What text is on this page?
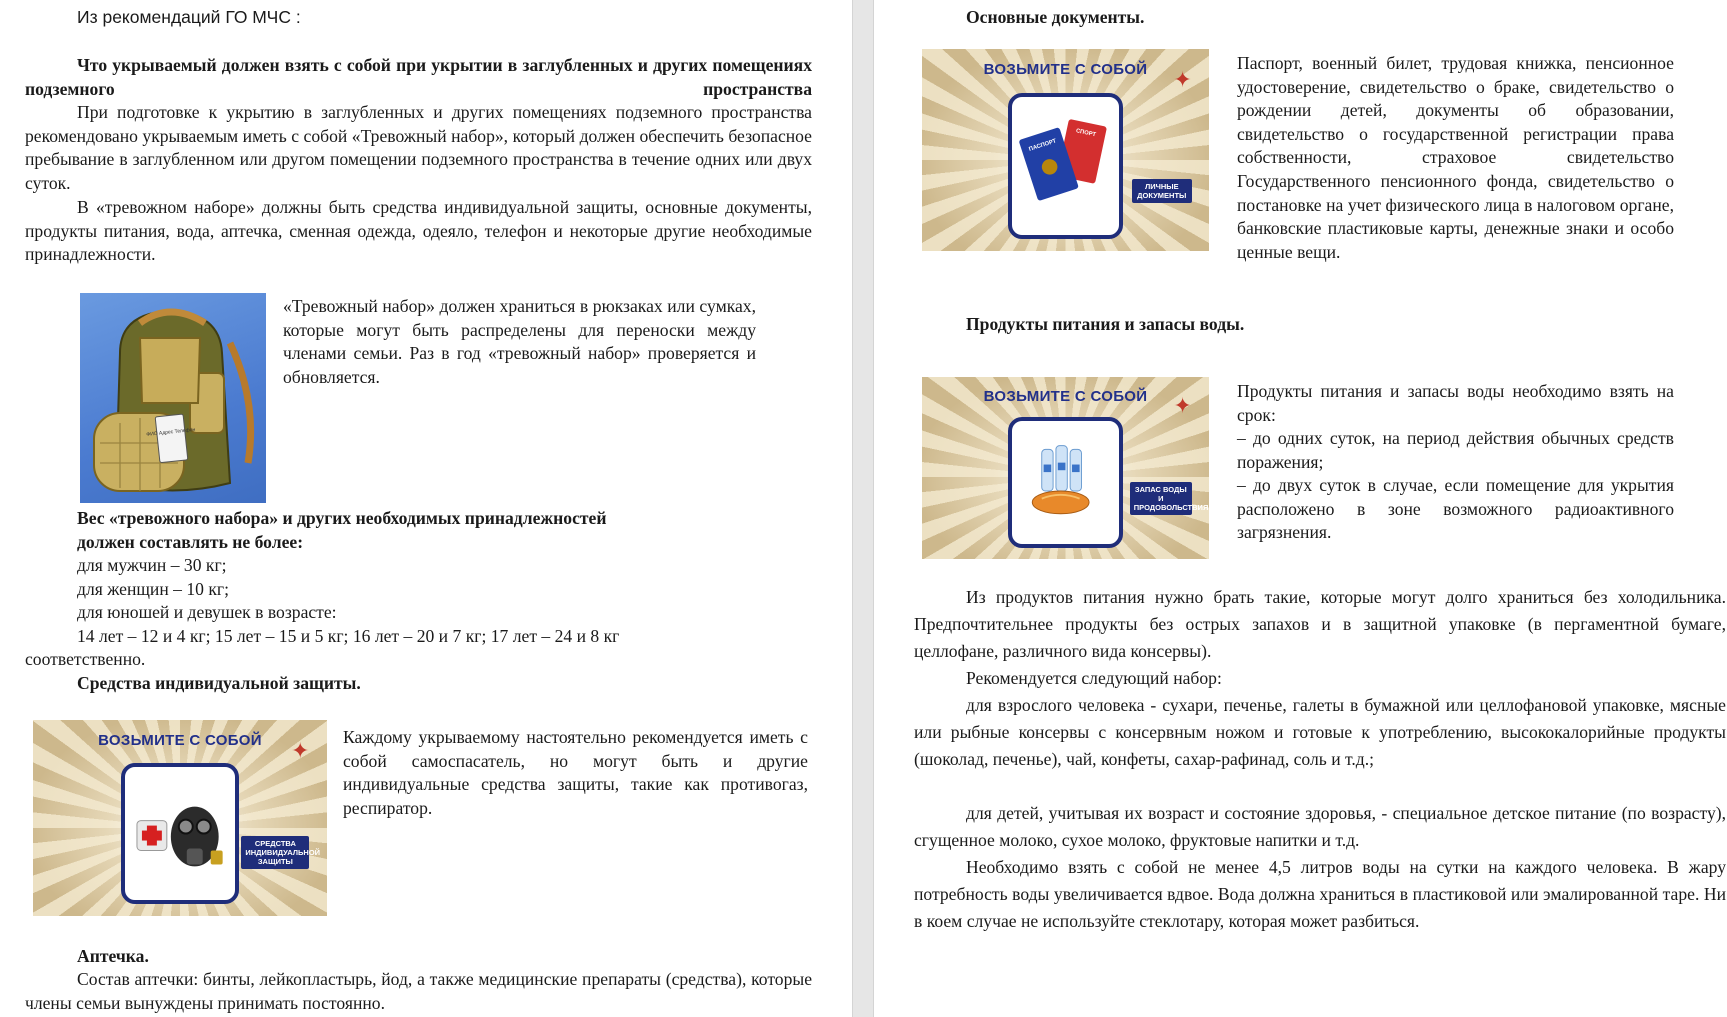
Из рекомендаций ГО МЧС :
Что укрываемый должен взять с собой при укрытии в заглубленных и других помещениях подземного пространства
При подготовке к укрытию в заглубленных и других помещениях подземного пространства рекомендовано укрываемым иметь с собой «Тревожный набор», который должен обеспечить безопасное пребывание в заглубленном или другом помещении подземного пространства в течение одних или двух суток.
В «тревожном наборе» должны быть средства индивидуальной защиты, основные документы, продукты питания, вода, аптечка, сменная одежда, одеяло, телефон и некоторые другие необходимые принадлежности.
ФИО Адрес Телефон
«Тревожный набор» должен храниться в рюкзаках или сумках, которые могут быть распределены для переноски между членами семьи. Раз в год «тревожный набор» проверяется и обновляется.
Вес «тревожного набора» и других необходимых принадлежностей
должен составлять не более:
для мужчин – 30 кг;
для женщин – 10 кг;
для юношей и девушек в возрасте:
14 лет – 12 и 4 кг; 15 лет – 15 и 5 кг; 16 лет – 20 и 7 кг; 17 лет – 24 и 8 кг
соответственно.
Средства индивидуальной защиты.
ВОЗЬМИТЕ С СОБОЙ	✦
СРЕДСТВА ИНДИВИДУАЛЬНОЙ ЗАЩИТЫ
Каждому укрываемому настоятельно рекомендуется иметь с собой самоспасатель, но могут быть и другие индивидуальные средства защиты, такие как противогаз, респиратор.
Аптечка.
Состав аптечки: бинты, лейкопластырь, йод, а также медицинские препараты (средства), которые члены семьи вынуждены принимать постоянно.
Основные документы.
ВОЗЬМИТЕ С СОБОЙ	✦
СПОРТ
ПАСПОРТ
ЛИЧНЫЕ ДОКУМЕНТЫ
Паспорт, военный билет, трудовая книжка, пенсионное удостоверение, свидетельство о браке, свидетельство о рождении детей, документы об образовании, свидетельство о государственной регистрации права собственности, страховое свидетельство Государственного пенсионного фонда, свидетельство о постановке на учет физического лица в налоговом органе, банковские пластиковые карты, денежные знаки и особо ценные вещи.
Продукты питания и запасы воды.
ВОЗЬМИТЕ С СОБОЙ	✦
ЗАПАС ВОДЫ И ПРОДОВОЛЬСТВИЯ
Продукты питания и запасы воды необходимо взять на срок:
– до одних суток, на период действия обычных средств поражения;
– до двух суток в случае, если помещение для укрытия расположено в зоне возможного радиоактивного загрязнения.
Из продуктов питания нужно брать такие, которые могут долго храниться без холодильника. Предпочтительнее продукты без острых запахов и в защитной упаковке (в пергаментной бумаге, целлофане, различного вида консервы).
Рекомендуется следующий набор:
для взрослого человека - сухари, печенье, галеты в бумажной или целлофановой упаковке, мясные или рыбные консервы с консервным ножом и готовые к употреблению, высококалорийные продукты (шоколад, печенье), чай, конфеты, сахар-рафинад, соль и т.д.;
для детей, учитывая их возраст и состояние здоровья, - специальное детское питание (по возрасту), сгущенное молоко, сухое молоко, фруктовые напитки и т.д.
Необходимо взять с собой не менее 4,5 литров воды на сутки на каждого человека. В жару потребность воды увеличивается вдвое. Вода должна храниться в пластиковой или эмалированной таре. Ни в коем случае не используйте стеклотару, которая может разбиться.
